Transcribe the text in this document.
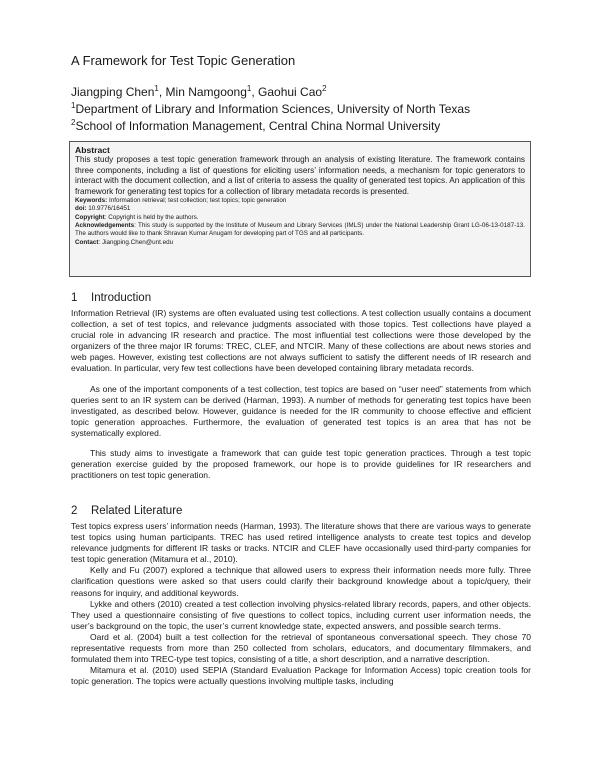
A Framework for Test Topic Generation
Jiangping Chen$^1$, Min Namgoong$^1$, Gaohui Cao$^2$
$^1$Department of Library and Information Sciences, University of North Texas
$^2$School of Information Management, Central China Normal University
Abstract
This study proposes a test topic generation framework through an analysis of existing literature. The framework contains three components, including a list of questions for eliciting users’ information needs, a mechanism for topic generators to interact with the document collection, and a list of criteria to assess the quality of generated test topics. An application of this framework for generating test topics for a collection of library metadata records is presented.
Keywords: Information retrieval; test collection; test topics; topic generation
doi: 10.9776/16451
Copyright: Copyright is held by the authors.
Acknowledgements: This study is supported by the Institute of Museum and Library Services (IMLS) under the National Leadership Grant LG-06-13-0187-13. The authors would like to thank Shravan Kumar Anugam for developing part of TGS and all participants.
Contact: Jiangping.Chen@unt.edu
1 Introduction

Information Retrieval (IR) systems are often evaluated using test collections. A test collection usually contains a document collection, a set of test topics, and relevance judgments associated with those topics. Test collections have played a crucial role in advancing IR research and practice. The most influential test collections were those developed by the organizers of the three major IR forums: TREC, CLEF, and NTCIR. Many of these collections are about news stories and web pages. However, existing test collections are not always sufficient to satisfy the different needs of IR research and evaluation. In particular, very few test collections have been developed containing library metadata records.

As one of the important components of a test collection, test topics are based on “user need” statements from which queries sent to an IR system can be derived (Harman, 1993). A number of methods for generating test topics have been investigated, as described below. However, guidance is needed for the IR community to choose effective and efficient topic generation approaches. Furthermore, the evaluation of generated test topics is an area that has not be systematically explored.

This study aims to investigate a framework that can guide test topic generation practices. Through a test topic generation exercise guided by the proposed framework, our hope is to provide guidelines for IR researchers and practitioners on test topic generation.

2 Related Literature

Test topics express users’ information needs (Harman, 1993). The literature shows that there are various ways to generate test topics using human participants. TREC has used retired intelligence analysts to create test topics and develop relevance judgments for different IR tasks or tracks. NTCIR and CLEF have occasionally used third-party companies for test topic generation (Mitamura et al., 2010).

Kelly and Fu (2007) explored a technique that allowed users to express their information needs more fully. Three clarification questions were asked so that users could clarify their background knowledge about a topic/query, their reasons for inquiry, and additional keywords.

Lykke and others (2010) created a test collection involving physics-related library records, papers, and other objects. They used a questionnaire consisting of five questions to collect topics, including current user information needs, the user’s background on the topic, the user’s current knowledge state, expected answers, and possible search terms.

Oard et al. (2004) built a test collection for the retrieval of spontaneous conversational speech. They chose 70 representative requests from more than 250 collected from scholars, educators, and documentary filmmakers, and formulated them into TREC-type test topics, consisting of a title, a short description, and a narrative description.

Mitamura et al. (2010) used SEPIA (Standard Evaluation Package for Information Access) topic creation tools for topic generation. The topics were actually questions involving multiple tasks, including
